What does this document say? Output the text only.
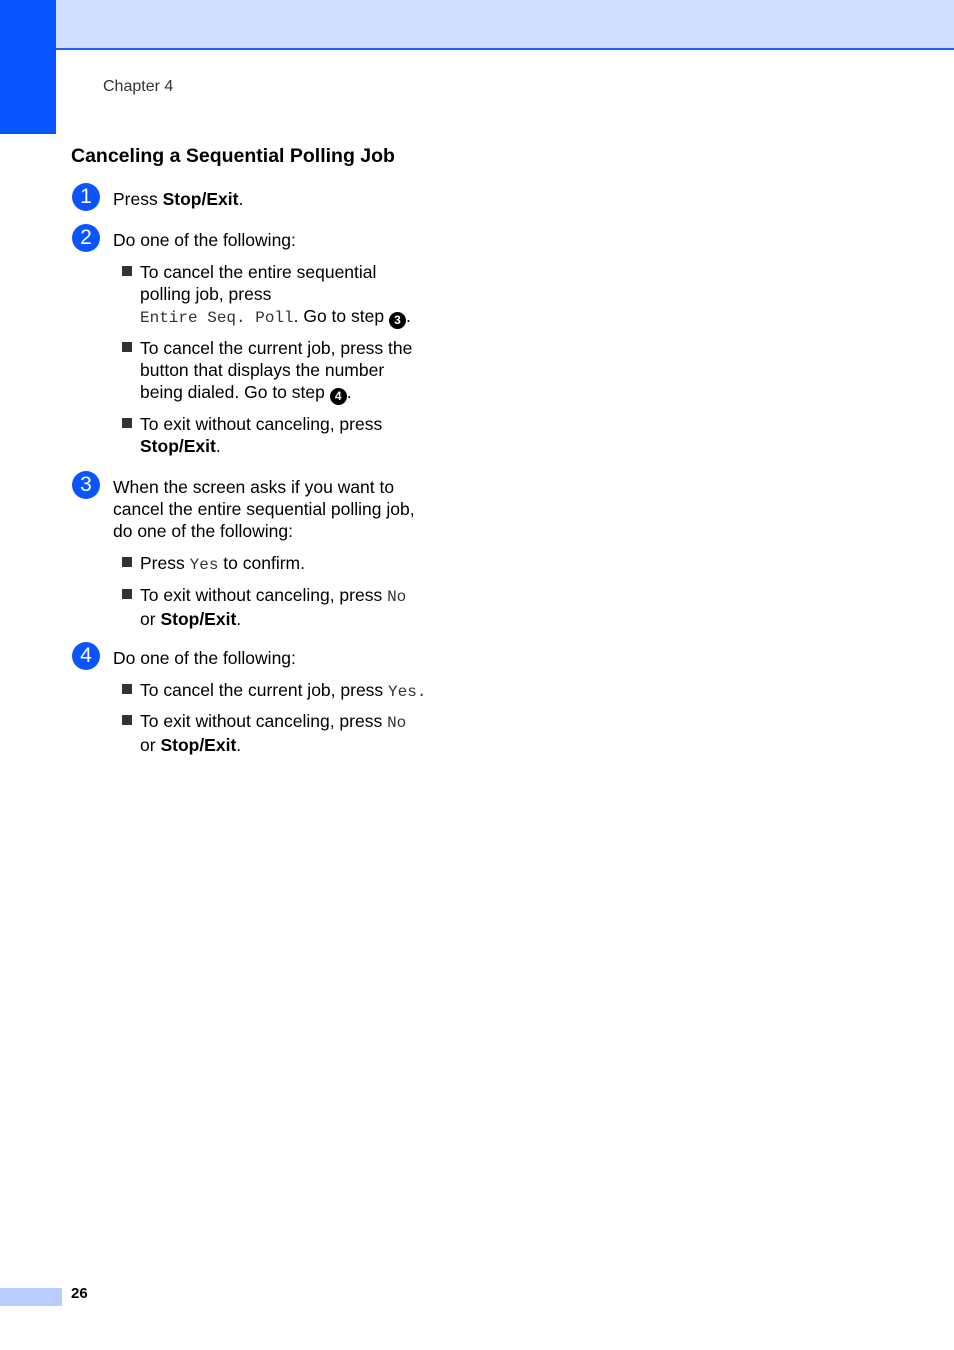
Chapter 4
Canceling a Sequential Polling Job
1	Press Stop/Exit.
2	Do one of the following:
To cancel the entire sequential
polling job, press
Entire Seq. Poll. Go to step 3 .
To cancel the current job, press the
button that displays the number
being dialed. Go to step 4 .
To exit without canceling, press
Stop/Exit.
3	When the screen asks if you want to
cancel the entire sequential polling job,
do one of the following:
Press Yes to confirm.
To exit without canceling, press No
or Stop/Exit.
4	Do one of the following:
To cancel the current job, press Yes.
To exit without canceling, press No
or Stop/Exit.
26
